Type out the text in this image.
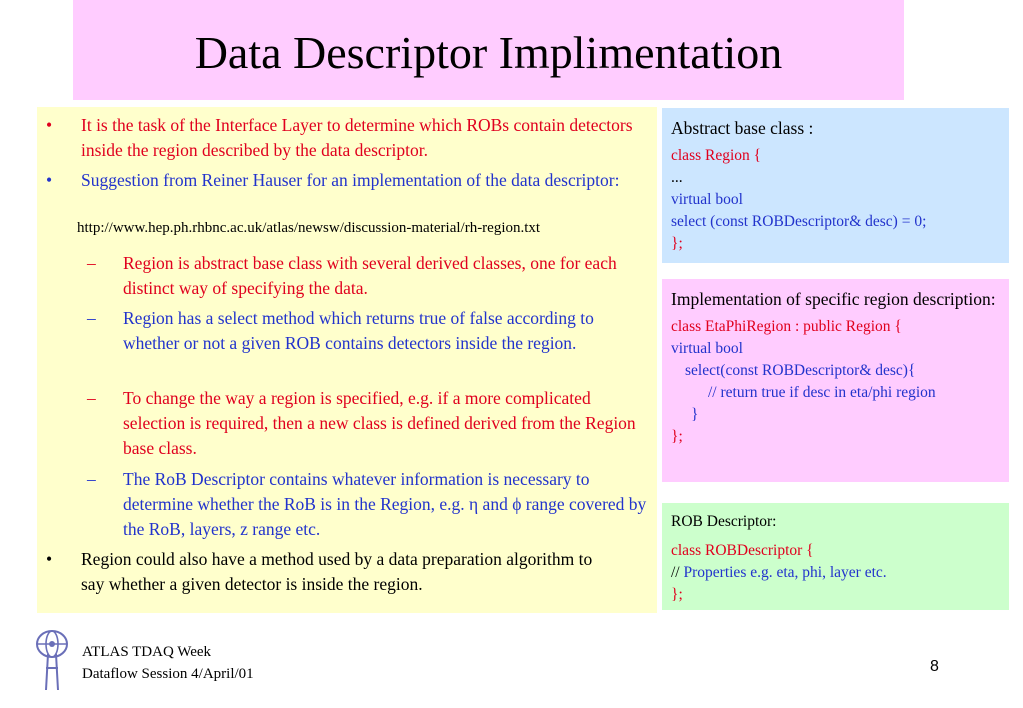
Data Descriptor Implimentation
• It is the task of the Interface Layer to determine which ROBs contain detectors inside the region described by the data descriptor.
• Suggestion from Reiner Hauser for an implementation of the data descriptor:
http://www.hep.ph.rhbnc.ac.uk/atlas/newsw/discussion-material/rh-region.txt
– Region is abstract base class with several derived classes, one for each distinct way of specifying the data.
– Region has a select method which returns true of false according to whether or not a given ROB contains detectors inside the region.
– To change the way a region is specified, e.g. if a more complicated selection is required, then a new class is defined derived from the Region base class.
– The RoB Descriptor contains whatever information is necessary to determine whether the RoB is in the Region, e.g. η and ϕ range covered by the RoB, layers, z range etc.
• Region could also have a method used by a data preparation algorithm to say whether a given detector is inside the region.
Abstract base class :
class Region {
...
virtual bool
select (const ROBDescriptor& desc) = 0;
};
Implementation of specific region description:
class EtaPhiRegion : public Region {
virtual bool
select(const ROBDescriptor& desc){
// return true if desc in eta/phi region
}
};
ROB Descriptor:
class ROBDescriptor {
// Properties e.g. eta, phi, layer etc.
};
ATLAS TDAQ Week
Dataflow Session 4/April/01	8
